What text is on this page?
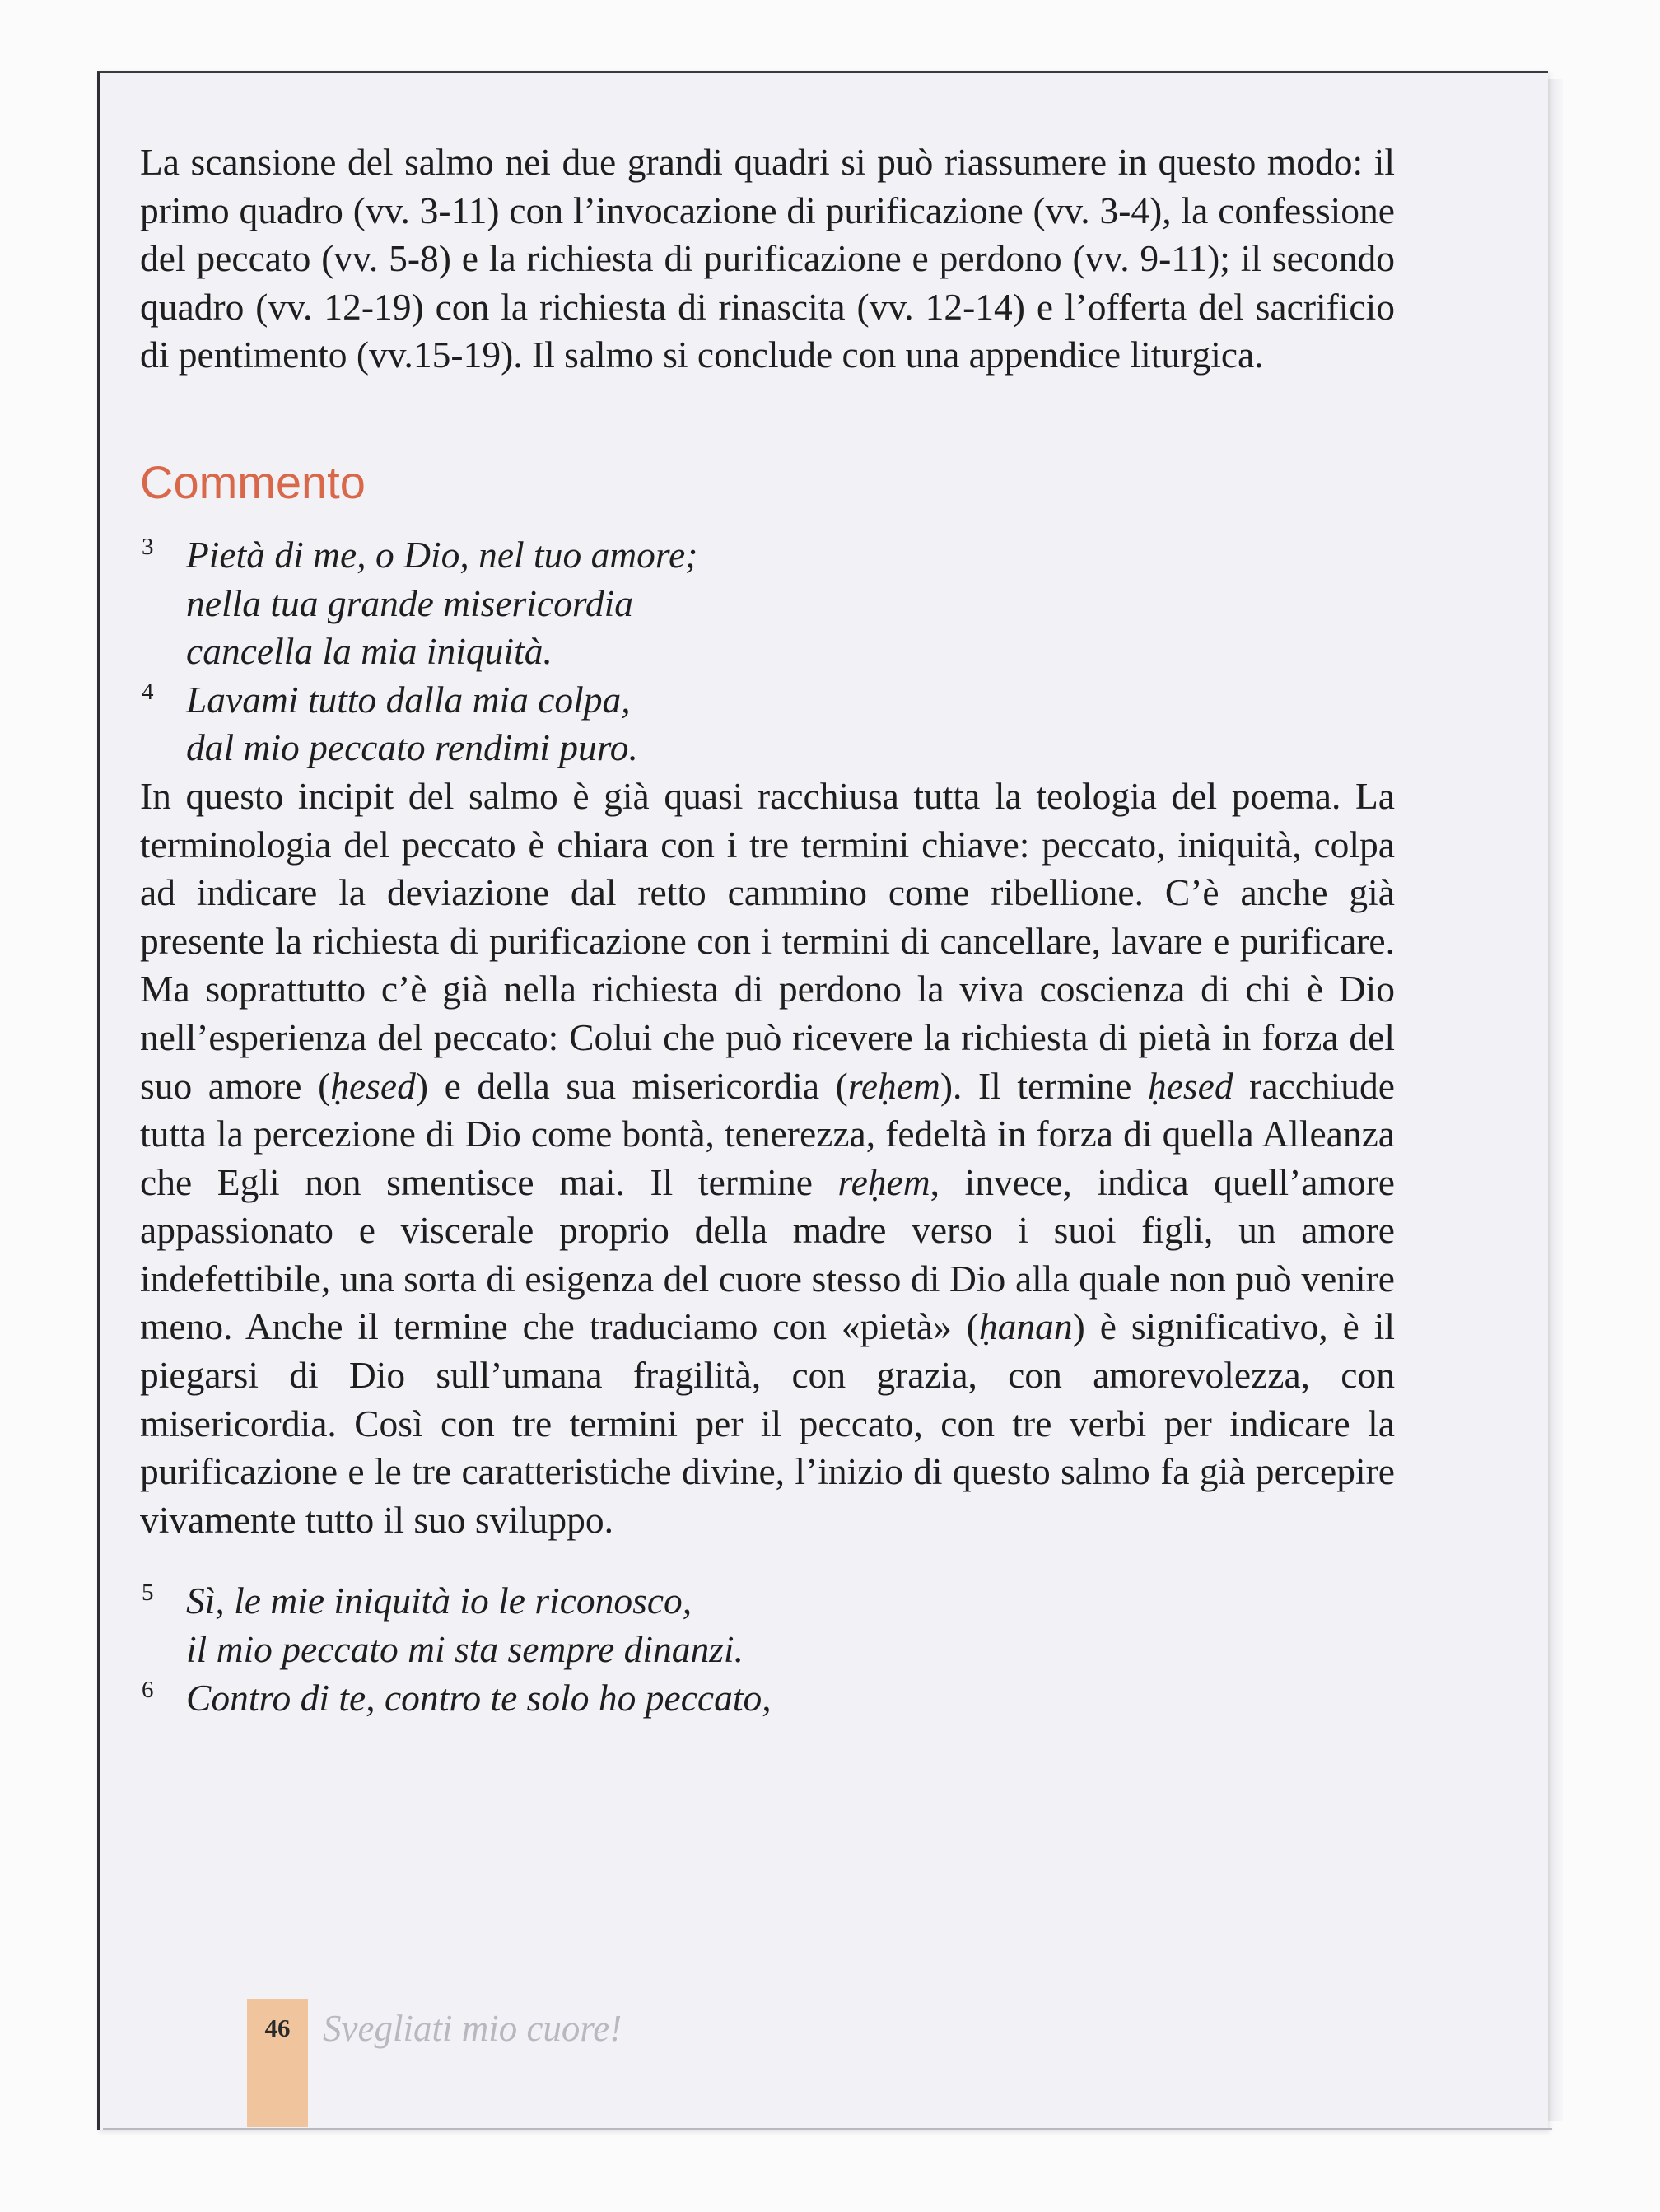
La scansione del salmo nei due grandi quadri si può riassumere in questo modo: il primo quadro (vv. 3-11) con l’invocazione di purificazione (vv. 3-4), la confessione del peccato (vv. 5-8) e la richiesta di purificazione e perdono (vv. 9-11); il secondo quadro (vv. 12-19) con la richiesta di rinascita (vv. 12-14) e l’offerta del sacrificio di pentimento (vv.15-19). Il salmo si conclude con una appendice liturgica.

Commento

3 Pietà di me, o Dio, nel tuo amore;
nella tua grande misericordia
cancella la mia iniquità.

4 Lavami tutto dalla mia colpa,
dal mio peccato rendimi puro.

In questo incipit del salmo è già quasi racchiusa tutta la teologia del poema. La terminologia del peccato è chiara con i tre termini chiave: peccato, iniquità, colpa ad indicare la deviazione dal retto cammino come ribellione. C’è anche già presente la richiesta di purificazione con i termini di cancellare, lavare e purificare. Ma soprattutto c’è già nella richiesta di perdono la viva coscienza di chi è Dio nell’esperienza del peccato: Colui che può ricevere la richiesta di pietà in forza del suo amore (ḥesed) e della sua misericordia (reḥem). Il termine ḥesed racchiude tutta la percezione di Dio come bontà, tenerezza, fedeltà in forza di quella Alleanza che Egli non smentisce mai. Il termine reḥem, invece, indica quell’amore appassionato e viscerale proprio della madre verso i suoi figli, un amore indefettibile, una sorta di esigenza del cuore stesso di Dio alla quale non può venire meno. Anche il termine che traduciamo con «pietà» (ḥanan) è significativo, è il piegarsi di Dio sull’umana fragilità, con grazia, con amorevolezza, con misericordia. Così con tre termini per il peccato, con tre verbi per indicare la purificazione e le tre caratteristiche divine, l’inizio di questo salmo fa già percepire vivamente tutto il suo sviluppo.

5 Sì, le mie iniquità io le riconosco,
il mio peccato mi sta sempre dinanzi.

6 Contro di te, contro te solo ho peccato,

46 Svegliati mio cuore!
